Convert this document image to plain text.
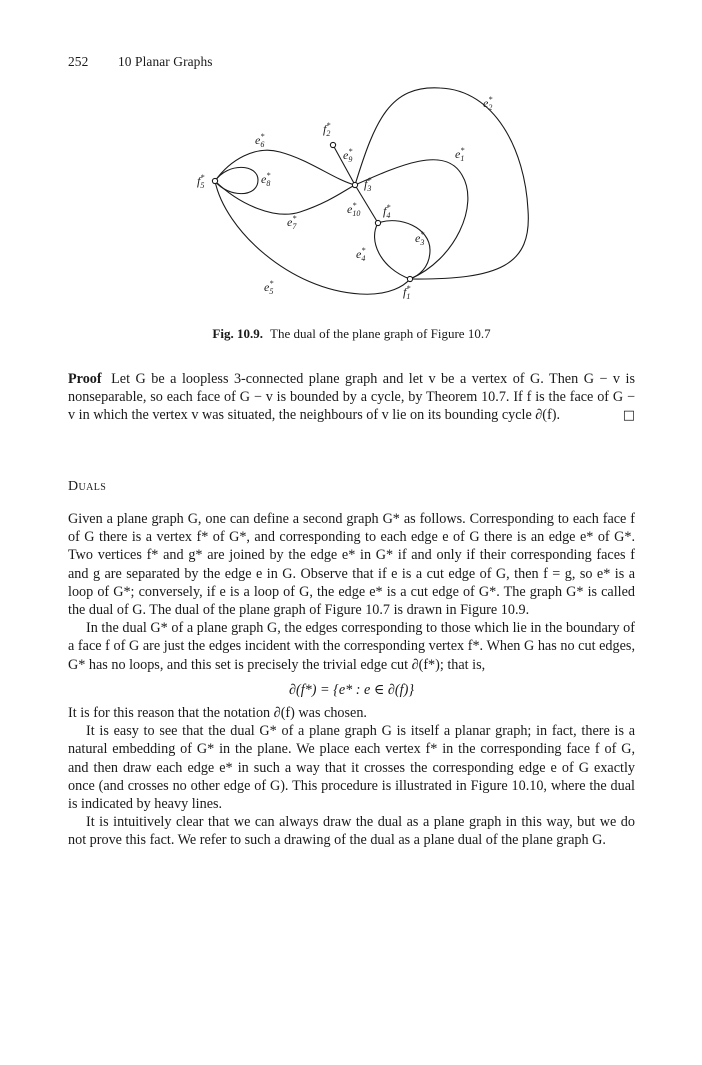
252 10 Planar Graphs
f* 1
f* 2
f* 3
f* 4
f* 5
e* 1
e* 2
e* 3
e* 4
e* 5
e* 6
e* 7
e* 8
e* 9
e* 10
Fig. 10.9. The dual of the plane graph of Figure 10.7

Proof Let G be a loopless 3-connected plane graph and let v be a vertex of G. Then G − v is nonseparable, so each face of G − v is bounded by a cycle, by Theorem 10.7. If f is the face of G − v in which the vertex v was situated, the neighbours of v lie on its bounding cycle ∂(f).	□

Duals

Given a plane graph G, one can define a second graph G* as follows. Corresponding to each face f of G there is a vertex f* of G*, and corresponding to each edge e of G there is an edge e* of G*. Two vertices f* and g* are joined by the edge e* in G* if and only if their corresponding faces f and g are separated by the edge e in G. Observe that if e is a cut edge of G, then f = g, so e* is a loop of G*; conversely, if e is a loop of G, the edge e* is a cut edge of G*. The graph G* is called the dual of G. The dual of the plane graph of Figure 10.7 is drawn in Figure 10.9.

In the dual G* of a plane graph G, the edges corresponding to those which lie in the boundary of a face f of G are just the edges incident with the corresponding vertex f*. When G has no cut edges, G* has no loops, and this set is precisely the trivial edge cut ∂(f*); that is,

∂(f*) = {e* : e ∈ ∂(f)}

It is for this reason that the notation ∂(f) was chosen.

It is easy to see that the dual G* of a plane graph G is itself a planar graph; in fact, there is a natural embedding of G* in the plane. We place each vertex f* in the corresponding face f of G, and then draw each edge e* in such a way that it crosses the corresponding edge e of G exactly once (and crosses no other edge of G). This procedure is illustrated in Figure 10.10, where the dual is indicated by heavy lines.

It is intuitively clear that we can always draw the dual as a plane graph in this way, but we do not prove this fact. We refer to such a drawing of the dual as a plane dual of the plane graph G.
